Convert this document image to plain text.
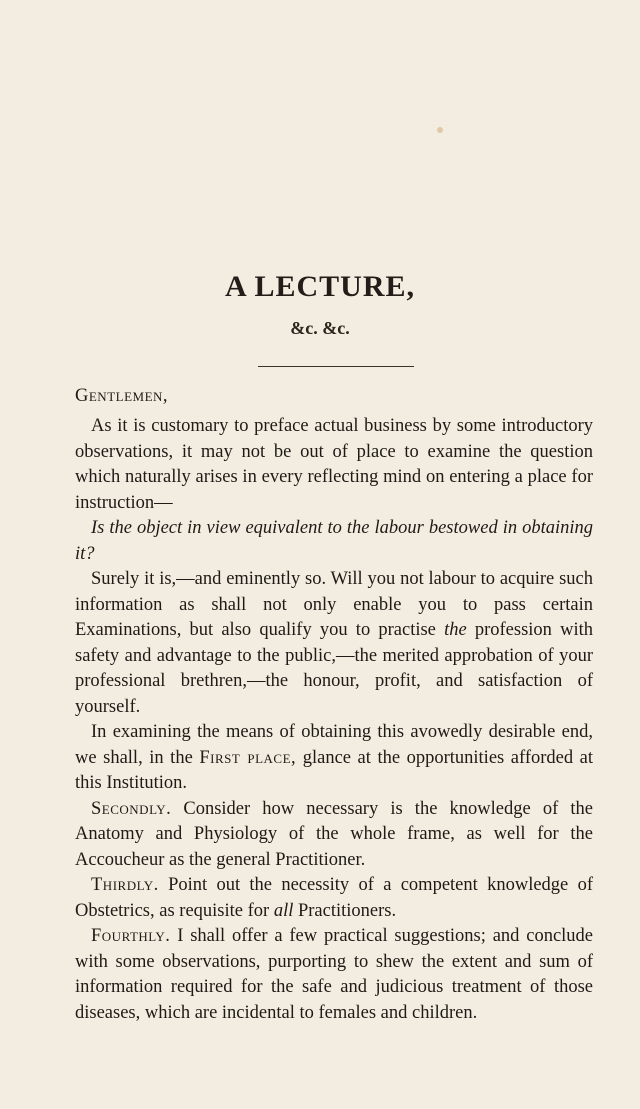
A LECTURE,
&c. &c.
Gentlemen,

As it is customary to preface actual business by some introductory observations, it may not be out of place to examine the question which naturally arises in every reflecting mind on entering a place for instruction—

Is the object in view equivalent to the labour bestowed in obtaining it?

Surely it is,—and eminently so. Will you not labour to acquire such information as shall not only enable you to pass certain Examinations, but also qualify you to practise the profession with safety and advantage to the public,—the merited approbation of your professional brethren,—the honour, profit, and satisfaction of yourself.

In examining the means of obtaining this avowedly desirable end, we shall, in the First place, glance at the opportunities afforded at this Institution.

Secondly. Consider how necessary is the knowledge of the Anatomy and Physiology of the whole frame, as well for the Accoucheur as the general Practitioner.

Thirdly. Point out the necessity of a competent knowledge of Obstetrics, as requisite for all Practitioners.

Fourthly. I shall offer a few practical suggestions; and conclude with some observations, purporting to shew the extent and sum of information required for the safe and judicious treatment of those diseases, which are incidental to females and children.
